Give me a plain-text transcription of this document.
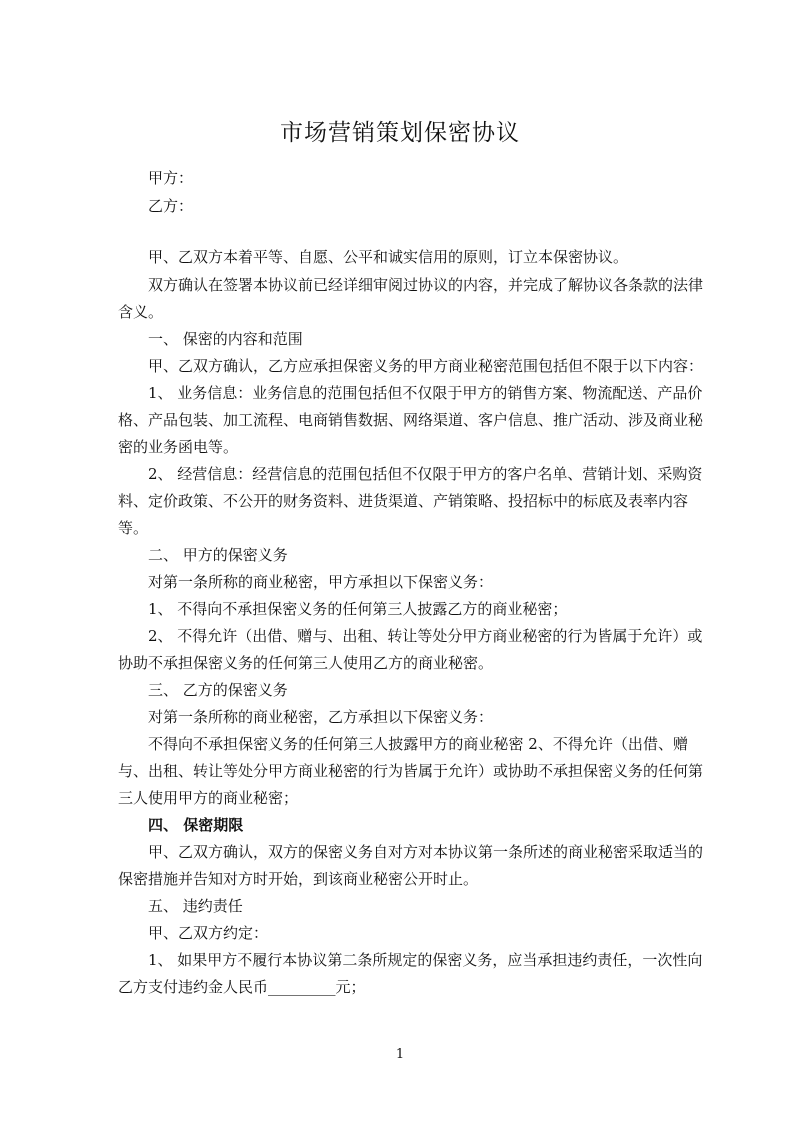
市场营销策划保密协议
甲方：
乙方：
甲、乙双方本着平等、自愿、公平和诚实信用的原则，订立本保密协议。
双方确认在签署本协议前已经详细审阅过协议的内容，并完成了解协议各条款的法律
含义。
一、 保密的内容和范围
甲、乙双方确认，乙方应承担保密义务的甲方商业秘密范围包括但不限于以下内容：
1、 业务信息：业务信息的范围包括但不仅限于甲方的销售方案、物流配送、产品价
格、产品包装、加工流程、电商销售数据、网络渠道、客户信息、推广活动、涉及商业秘
密的业务函电等。
2、 经营信息：经营信息的范围包括但不仅限于甲方的客户名单、营销计划、采购资
料、定价政策、不公开的财务资料、进货渠道、产销策略、投招标中的标底及表率内容
等。
二、 甲方的保密义务
对第一条所称的商业秘密，甲方承担以下保密义务：
1、 不得向不承担保密义务的任何第三人披露乙方的商业秘密；
2、 不得允许（出借、赠与、出租、转让等处分甲方商业秘密的行为皆属于允许）或
协助不承担保密义务的任何第三人使用乙方的商业秘密。
三、 乙方的保密义务
对第一条所称的商业秘密，乙方承担以下保密义务：
不得向不承担保密义务的任何第三人披露甲方的商业秘密 2、不得允许（出借、赠
与、出租、转让等处分甲方商业秘密的行为皆属于允许）或协助不承担保密义务的任何第
三人使用甲方的商业秘密；
四、 保密期限
甲、乙双方确认，双方的保密义务自对方对本协议第一条所述的商业秘密采取适当的
保密措施并告知对方时开始，到该商业秘密公开时止。
五、 违约责任
甲、乙双方约定：
1、 如果甲方不履行本协议第二条所规定的保密义务，应当承担违约责任，一次性向
乙方支付违约金人民币_________元；
1
